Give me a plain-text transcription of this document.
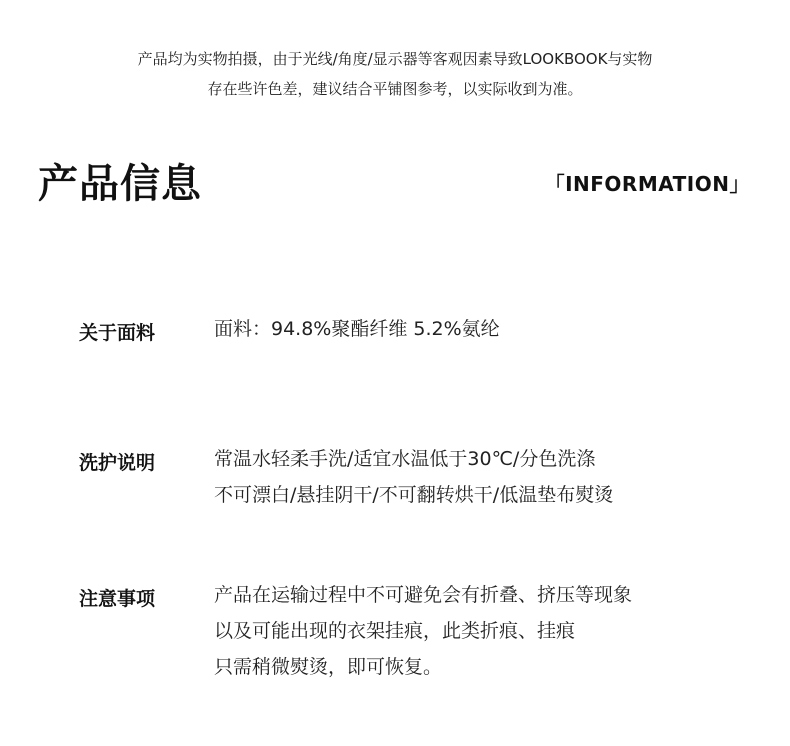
产品均为实物拍摄，由于光线/角度/显示器等客观因素导致LOOKBOOK与实物
存在些许色差，建议结合平铺图参考，以实际收到为准。
产品信息	「INFORMATION」
关于面料	面料：94.8%聚酯纤维 5.2%氨纶
洗护说明	常温水轻柔手洗/适宜水温低于30℃/分色洗涤
不可漂白/悬挂阴干/不可翻转烘干/低温垫布熨烫
注意事项	产品在运输过程中不可避免会有折叠、挤压等现象
以及可能出现的衣架挂痕，此类折痕、挂痕
只需稍微熨烫，即可恢复。
